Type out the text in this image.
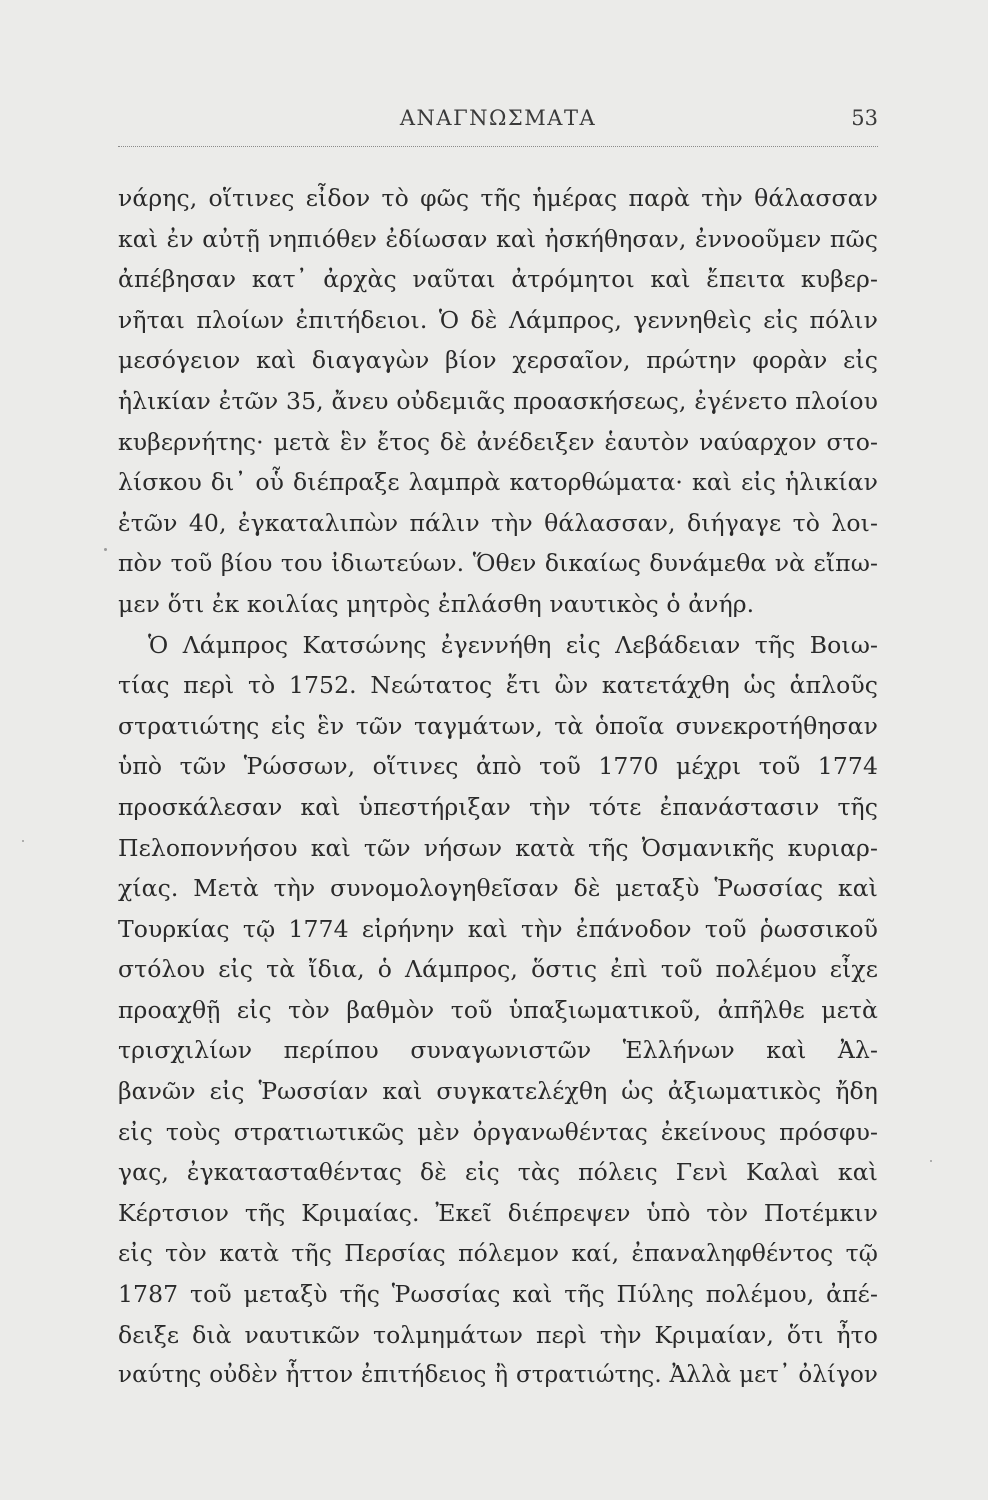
ΑΝΑΓΝΩΣΜΑΤΑ	53
νάρης, οἵτινες εἶδον τὸ φῶς τῆς ἡμέρας παρὰ τὴν θάλασσαν
καὶ ἐν αὐτῇ νηπιόθεν ἐδίωσαν καὶ ἠσκήθησαν, ἐννοοῦμεν πῶς
ἀπέβησαν κατ᾿ ἀρχὰς ναῦται ἀτρόμητοι καὶ ἔπειτα κυβερ-
νῆται πλοίων ἐπιτήδειοι. Ὁ δὲ Λάμπρος, γεννηθεὶς εἰς πόλιν
μεσόγειον καὶ διαγαγὼν βίον χερσαῖον, πρώτην φορὰν εἰς
ἡλικίαν ἐτῶν 35, ἄνευ οὐδεμιᾶς προασκήσεως, ἐγένετο πλοίου
κυβερνήτης· μετὰ ἓν ἔτος δὲ ἀνέδειξεν ἑαυτὸν ναύαρχον στο-
λίσκου δι᾿ οὗ διέπραξε λαμπρὰ κατορθώματα· καὶ εἰς ἡλικίαν
ἐτῶν 40, ἐγκαταλιπὼν πάλιν τὴν θάλασσαν, διήγαγε τὸ λοι-
πὸν τοῦ βίου του ἰδιωτεύων. Ὅθεν δικαίως δυνάμεθα νὰ εἴπω-
μεν ὅτι ἐκ κοιλίας μητρὸς ἐπλάσθη ναυτικὸς ὁ ἀνήρ.
Ὁ Λάμπρος Κατσώνης ἐγεννήθη εἰς Λεβάδειαν τῆς Βοιω-
τίας περὶ τὸ 1752. Νεώτατος ἔτι ὢν κατετάχθη ὡς ἁπλοῦς
στρατιώτης εἰς ἓν τῶν ταγμάτων, τὰ ὁποῖα συνεκροτήθησαν
ὑπὸ τῶν Ῥώσσων, οἵτινες ἀπὸ τοῦ 1770 μέχρι τοῦ 1774
προσκάλεσαν καὶ ὑπεστήριξαν τὴν τότε ἐπανάστασιν τῆς
Πελοποννήσου καὶ τῶν νήσων κατὰ τῆς Ὀσμανικῆς κυριαρ-
χίας. Μετὰ τὴν συνομολογηθεῖσαν δὲ μεταξὺ Ῥωσσίας καὶ
Τουρκίας τῷ 1774 εἰρήνην καὶ τὴν ἐπάνοδον τοῦ ῥωσσικοῦ
στόλου εἰς τὰ ἴδια, ὁ Λάμπρος, ὅστις ἐπὶ τοῦ πολέμου εἶχε
προαχθῇ εἰς τὸν βαθμὸν τοῦ ὑπαξιωματικοῦ, ἀπῆλθε μετὰ
τρισχιλίων περίπου συναγωνιστῶν Ἑλλήνων καὶ Ἀλ-
βανῶν εἰς Ῥωσσίαν καὶ συγκατελέχθη ὡς ἀξιωματικὸς ἤδη
εἰς τοὺς στρατιωτικῶς μὲν ὀργανωθέντας ἐκείνους πρόσφυ-
γας, ἐγκατασταθέντας δὲ εἰς τὰς πόλεις Γενὶ Καλαὶ καὶ
Κέρτσιον τῆς Κριμαίας. Ἐκεῖ διέπρεψεν ὑπὸ τὸν Ποτέμκιν
εἰς τὸν κατὰ τῆς Περσίας πόλεμον καί, ἐπαναληφθέντος τῷ
1787 τοῦ μεταξὺ τῆς Ῥωσσίας καὶ τῆς Πύλης πολέμου, ἀπέ-
δειξε διὰ ναυτικῶν τολμημάτων περὶ τὴν Κριμαίαν, ὅτι ἦτο
ναύτης οὐδὲν ἧττον ἐπιτήδειος ἢ στρατιώτης. Ἀλλὰ μετ᾿ ὀλίγον
